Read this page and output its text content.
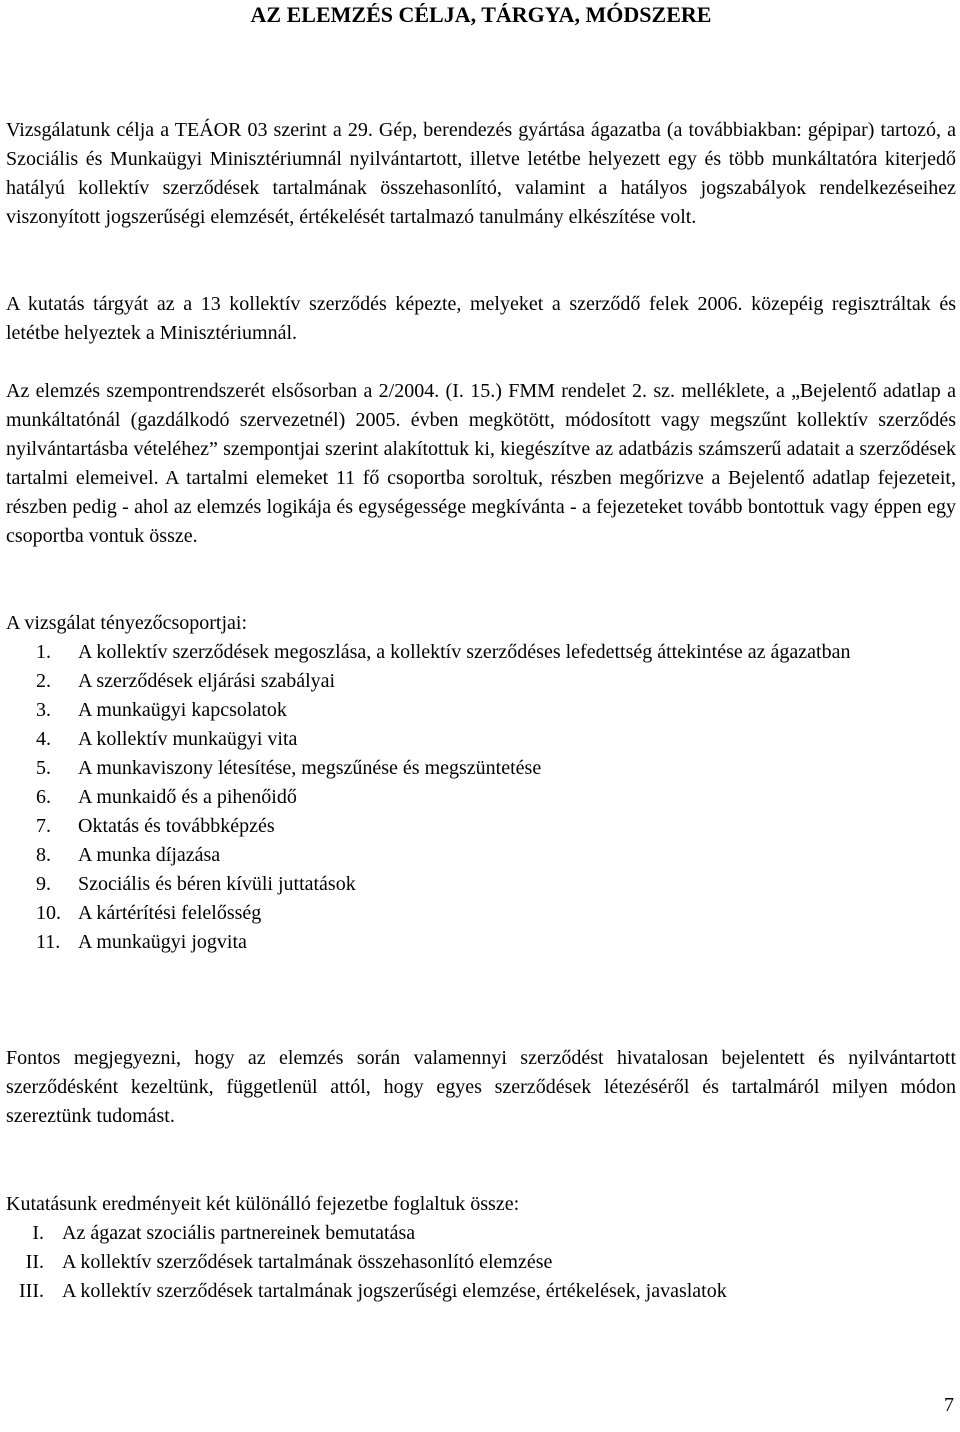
AZ ELEMZÉS CÉLJA, TÁRGYA, MÓDSZERE

Vizsgálatunk célja a TEÁOR 03 szerint a 29. Gép, berendezés gyártása ágazatba (a továbbiakban: gépipar) tartozó, a Szociális és Munkaügyi Minisztériumnál nyilvántartott, illetve letétbe helyezett egy és több munkáltatóra kiterjedő hatályú kollektív szerződések tartalmának összehasonlító, valamint a hatályos jogszabályok rendelkezéseihez viszonyított jogszerűségi elemzését, értékelését tartalmazó tanulmány elkészítése volt.

A kutatás tárgyát az a 13 kollektív szerződés képezte, melyeket a szerződő felek 2006. közepéig regisztráltak és letétbe helyeztek a Minisztériumnál.

Az elemzés szempontrendszerét elsősorban a 2/2004. (I. 15.) FMM rendelet 2. sz. melléklete, a „Bejelentő adatlap a munkáltatónál (gazdálkodó szervezetnél) 2005. évben megkötött, módosított vagy megszűnt kollektív szerződés nyilvántartásba vételéhez” szempontjai szerint alakítottuk ki, kiegészítve az adatbázis számszerű adatait a szerződések tartalmi elemeivel. A tartalmi elemeket 11 fő csoportba soroltuk, részben megőrizve a Bejelentő adatlap fejezeteit, részben pedig - ahol az elemzés logikája és egységessége megkívánta - a fejezeteket tovább bontottuk vagy éppen egy csoportba vontuk össze.

A vizsgálat tényezőcsoportjai:

1.	A kollektív szerződések megoszlása, a kollektív szerződéses lefedettség áttekintése az ágazatban
2.	A szerződések eljárási szabályai
3.	A munkaügyi kapcsolatok
4.	A kollektív munkaügyi vita
5.	A munkaviszony létesítése, megszűnése és megszüntetése
6.	A munkaidő és a pihenőidő
7.	Oktatás és továbbképzés
8.	A munka díjazása
9.	Szociális és béren kívüli juttatások
10. A kártérítési felelősség
11. A munkaügyi jogvita

Fontos megjegyezni, hogy az elemzés során valamennyi szerződést hivatalosan bejelentett és nyilvántartott szerződésként kezeltünk, függetlenül attól, hogy egyes szerződések létezéséről és tartalmáról milyen módon szereztünk tudomást.

Kutatásunk eredményeit két különálló fejezetbe foglaltuk össze:

I. Az ágazat szociális partnereinek bemutatása
II. A kollektív szerződések tartalmának összehasonlító elemzése
III. A kollektív szerződések tartalmának jogszerűségi elemzése, értékelések, javaslatok
7
